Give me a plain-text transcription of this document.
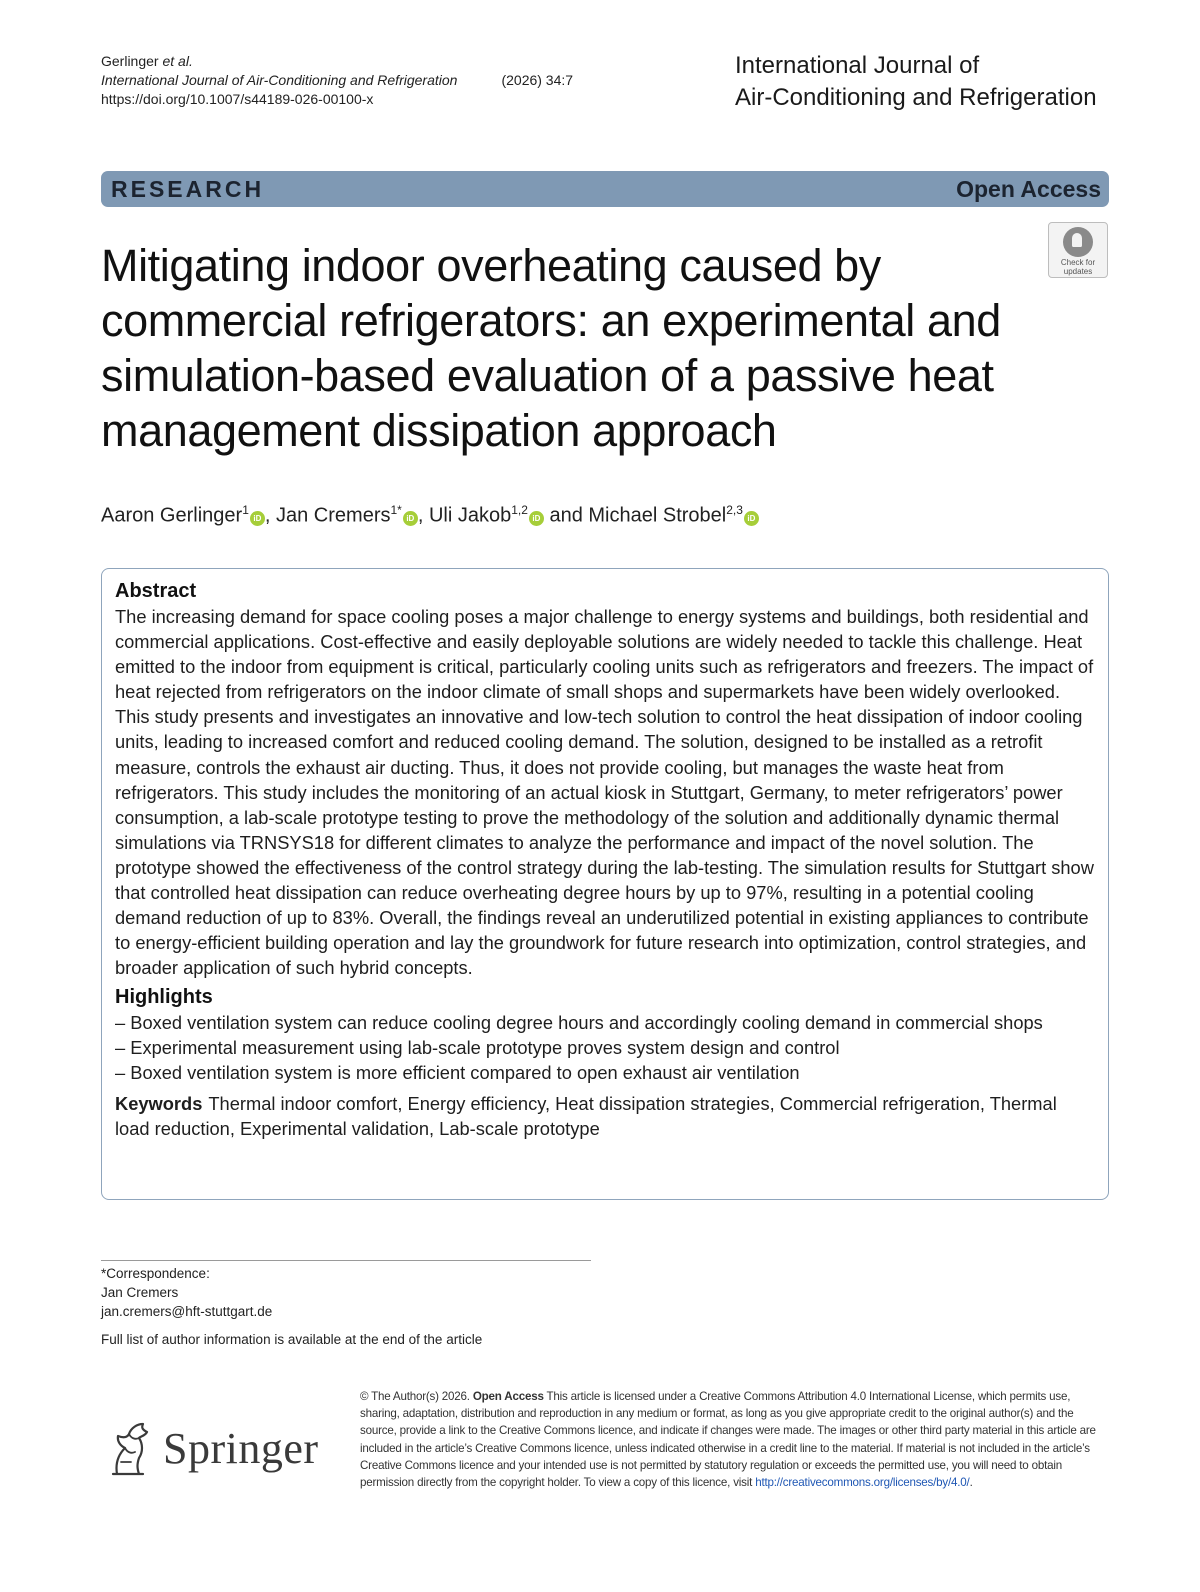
Gerlinger et al.
International Journal of Air-Conditioning and Refrigeration	(2026) 34:7
https://doi.org/10.1007/s44189-026-00100-x
International Journal of
Air-Conditioning and Refrigeration
RESEARCH	Open Access
Check for
updates
Mitigating indoor overheating caused by commercial refrigerators: an experimental and simulation-based evaluation of a passive heat management dissipation approach
Aaron Gerlinger$^1$iD , Jan Cremers$^{1*}$iD , Uli Jakob$^{1,2}$iD and Michael Strobel$^{2,3}$iD
Abstract

The increasing demand for space cooling poses a major challenge to energy systems and buildings, both residential and commercial applications. Cost-effective and easily deployable solutions are widely needed to tackle this challenge. Heat emitted to the indoor from equipment is critical, particularly cooling units such as refrigerators and freezers. The impact of heat rejected from refrigerators on the indoor climate of small shops and supermarkets have been widely overlooked. This study presents and investigates an innovative and low-tech solution to control the heat dissipation of indoor cooling units, leading to increased comfort and reduced cooling demand. The solution, designed to be installed as a retrofit measure, controls the exhaust air ducting. Thus, it does not provide cooling, but manages the waste heat from refrigerators. This study includes the monitoring of an actual kiosk in Stuttgart, Germany, to meter refrigerators’ power consumption, a lab-scale prototype testing to prove the methodology of the solution and additionally dynamic thermal simulations via TRNSYS18 for different climates to analyze the performance and impact of the novel solution. The prototype showed the effectiveness of the control strategy during the lab-testing. The simulation results for Stuttgart show that controlled heat dissipation can reduce overheating degree hours by up to 97%, resulting in a potential cooling demand reduction of up to 83%. Overall, the findings reveal an underutilized potential in existing appliances to contribute to energy-efficient building operation and lay the groundwork for future research into optimization, control strategies, and broader application of such hybrid concepts.

Highlights
– Boxed ventilation system can reduce cooling degree hours and accordingly cooling demand in commercial shops
– Experimental measurement using lab-scale prototype proves system design and control
– Boxed ventilation system is more efficient compared to open exhaust air ventilation
Keywords Thermal indoor comfort, Energy efficiency, Heat dissipation strategies, Commercial refrigeration, Thermal load reduction, Experimental validation, Lab-scale prototype
*Correspondence:
Jan Cremers
jan.cremers@hft-stuttgart.de
Full list of author information is available at the end of the article
Springer
© The Author(s) 2026. Open Access This article is licensed under a Creative Commons Attribution 4.0 International License, which permits use, sharing, adaptation, distribution and reproduction in any medium or format, as long as you give appropriate credit to the original author(s) and the source, provide a link to the Creative Commons licence, and indicate if changes were made. The images or other third party material in this article are included in the article’s Creative Commons licence, unless indicated otherwise in a credit line to the material. If material is not included in the article’s Creative Commons licence and your intended use is not permitted by statutory regulation or exceeds the permitted use, you will need to obtain permission directly from the copyright holder. To view a copy of this licence, visit http://creativecommons.org/licenses/by/4.0/.
